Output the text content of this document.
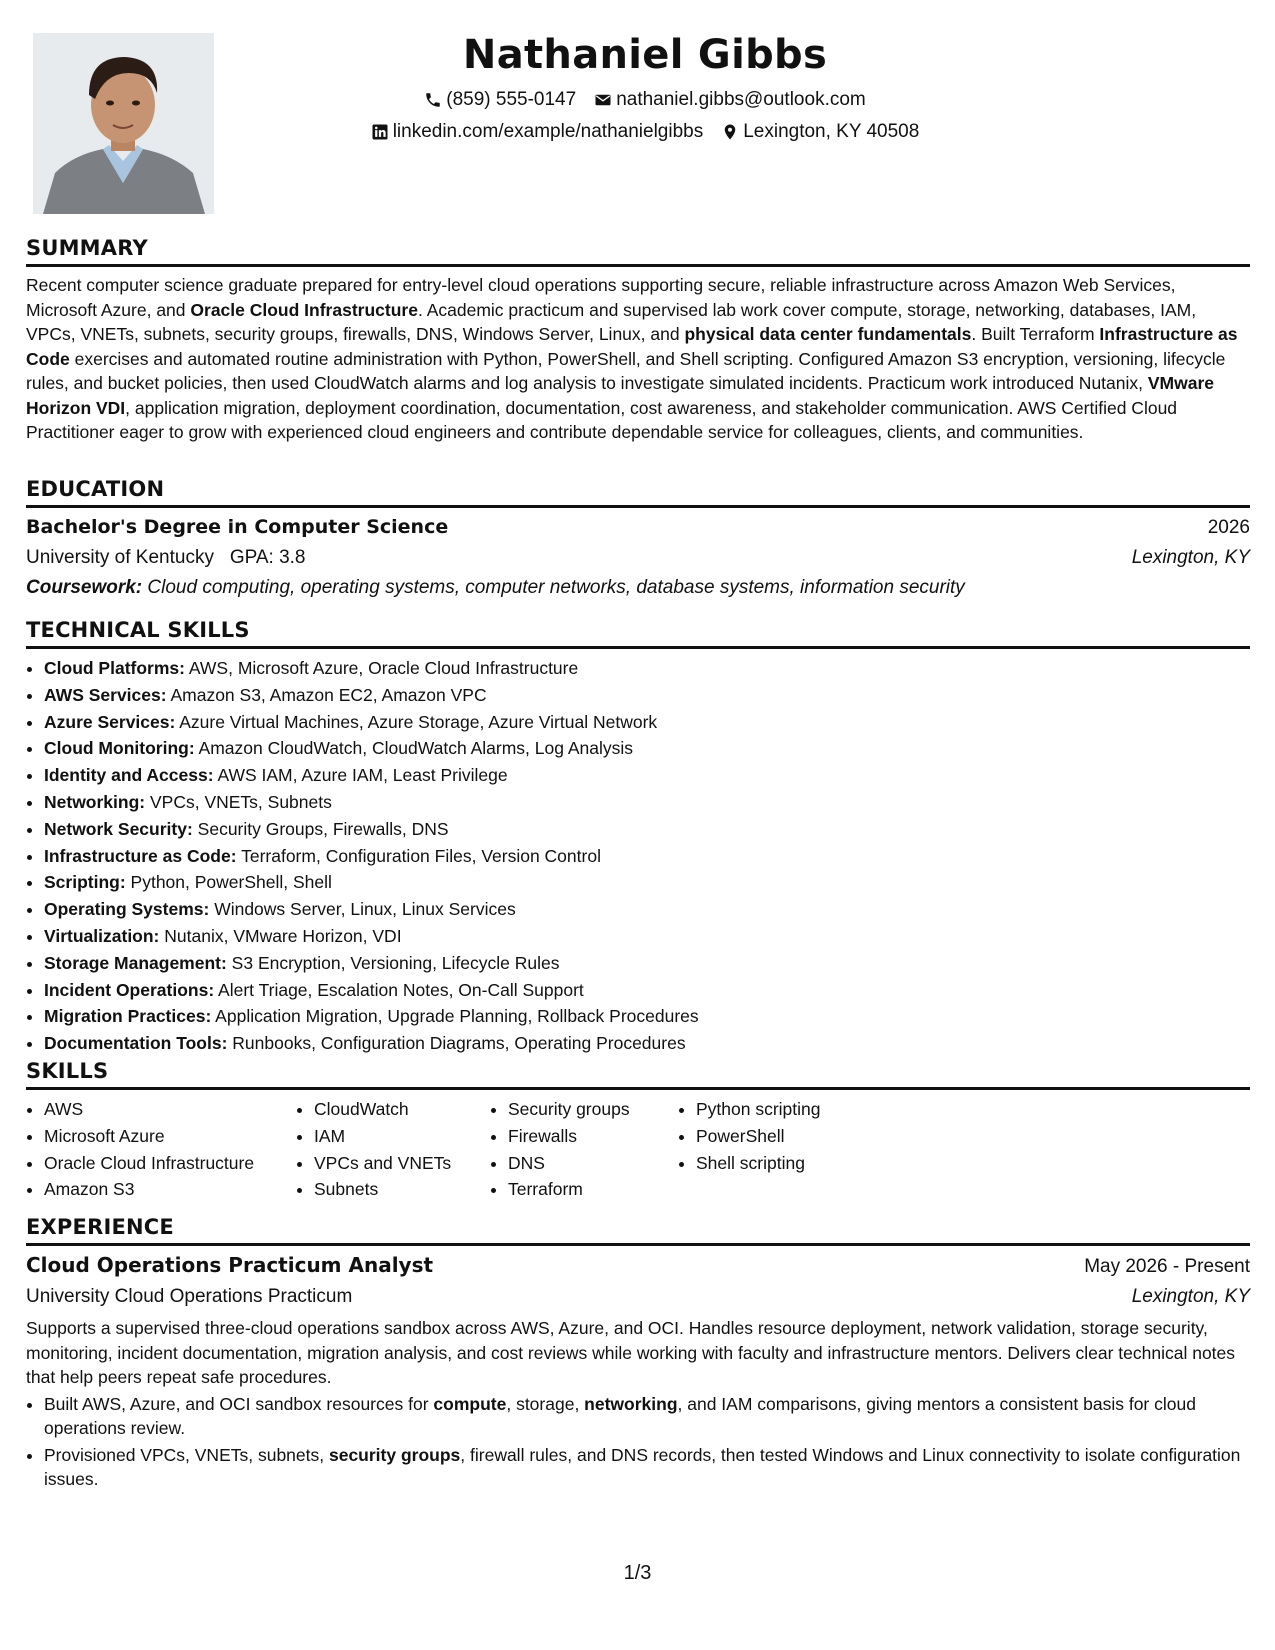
Nathaniel Gibbs
(859) 555-0147 nathaniel.gibbs@outlook.com
linkedin.com/example/nathanielgibbs Lexington, KY 40508
SUMMARY

Recent computer science graduate prepared for entry-level cloud operations supporting secure, reliable infrastructure across Amazon Web Services, Microsoft Azure, and Oracle Cloud Infrastructure. Academic practicum and supervised lab work cover compute, storage, networking, databases, IAM, VPCs, VNETs, subnets, security groups, firewalls, DNS, Windows Server, Linux, and physical data center fundamentals. Built Terraform Infrastructure as Code exercises and automated routine administration with Python, PowerShell, and Shell scripting. Configured Amazon S3 encryption, versioning, lifecycle rules, and bucket policies, then used CloudWatch alarms and log analysis to investigate simulated incidents. Practicum work introduced Nutanix, VMware Horizon VDI, application migration, deployment coordination, documentation, cost awareness, and stakeholder communication. AWS Certified Cloud Practitioner eager to grow with experienced cloud engineers and contribute dependable service for colleagues, clients, and communities.

EDUCATION
Bachelor's Degree in Computer Science	2026
University of Kentucky GPA: 3.8	Lexington, KY
Coursework: Cloud computing, operating systems, computer networks, database systems, information security
TECHNICAL SKILLS
• Cloud Platforms: AWS, Microsoft Azure, Oracle Cloud Infrastructure
• AWS Services: Amazon S3, Amazon EC2, Amazon VPC
• Azure Services: Azure Virtual Machines, Azure Storage, Azure Virtual Network
• Cloud Monitoring: Amazon CloudWatch, CloudWatch Alarms, Log Analysis
• Identity and Access: AWS IAM, Azure IAM, Least Privilege
• Networking: VPCs, VNETs, Subnets
• Network Security: Security Groups, Firewalls, DNS
• Infrastructure as Code: Terraform, Configuration Files, Version Control
• Scripting: Python, PowerShell, Shell
• Operating Systems: Windows Server, Linux, Linux Services
• Virtualization: Nutanix, VMware Horizon, VDI
• Storage Management: S3 Encryption, Versioning, Lifecycle Rules
• Incident Operations: Alert Triage, Escalation Notes, On-Call Support
• Migration Practices: Application Migration, Upgrade Planning, Rollback Procedures
• Documentation Tools: Runbooks, Configuration Diagrams, Operating Procedures
SKILLS
• AWS
• Microsoft Azure
• Oracle Cloud Infrastructure
• Amazon S3
• CloudWatch
• IAM
• VPCs and VNETs
• Subnets
• Security groups
• Firewalls
• DNS
• Terraform
• Python scripting
• PowerShell
• Shell scripting
EXPERIENCE
Cloud Operations Practicum Analyst	May 2026 - Present
University Cloud Operations Practicum	Lexington, KY

Supports a supervised three-cloud operations sandbox across AWS, Azure, and OCI. Handles resource deployment, network validation, storage security, monitoring, incident documentation, migration analysis, and cost reviews while working with faculty and infrastructure mentors. Delivers clear technical notes that help peers repeat safe procedures.

• Built AWS, Azure, and OCI sandbox resources for compute, storage, networking, and IAM comparisons, giving mentors a consistent basis for cloud operations review.
• Provisioned VPCs, VNETs, subnets, security groups, firewall rules, and DNS records, then tested Windows and Linux connectivity to isolate configuration issues.
1/3
